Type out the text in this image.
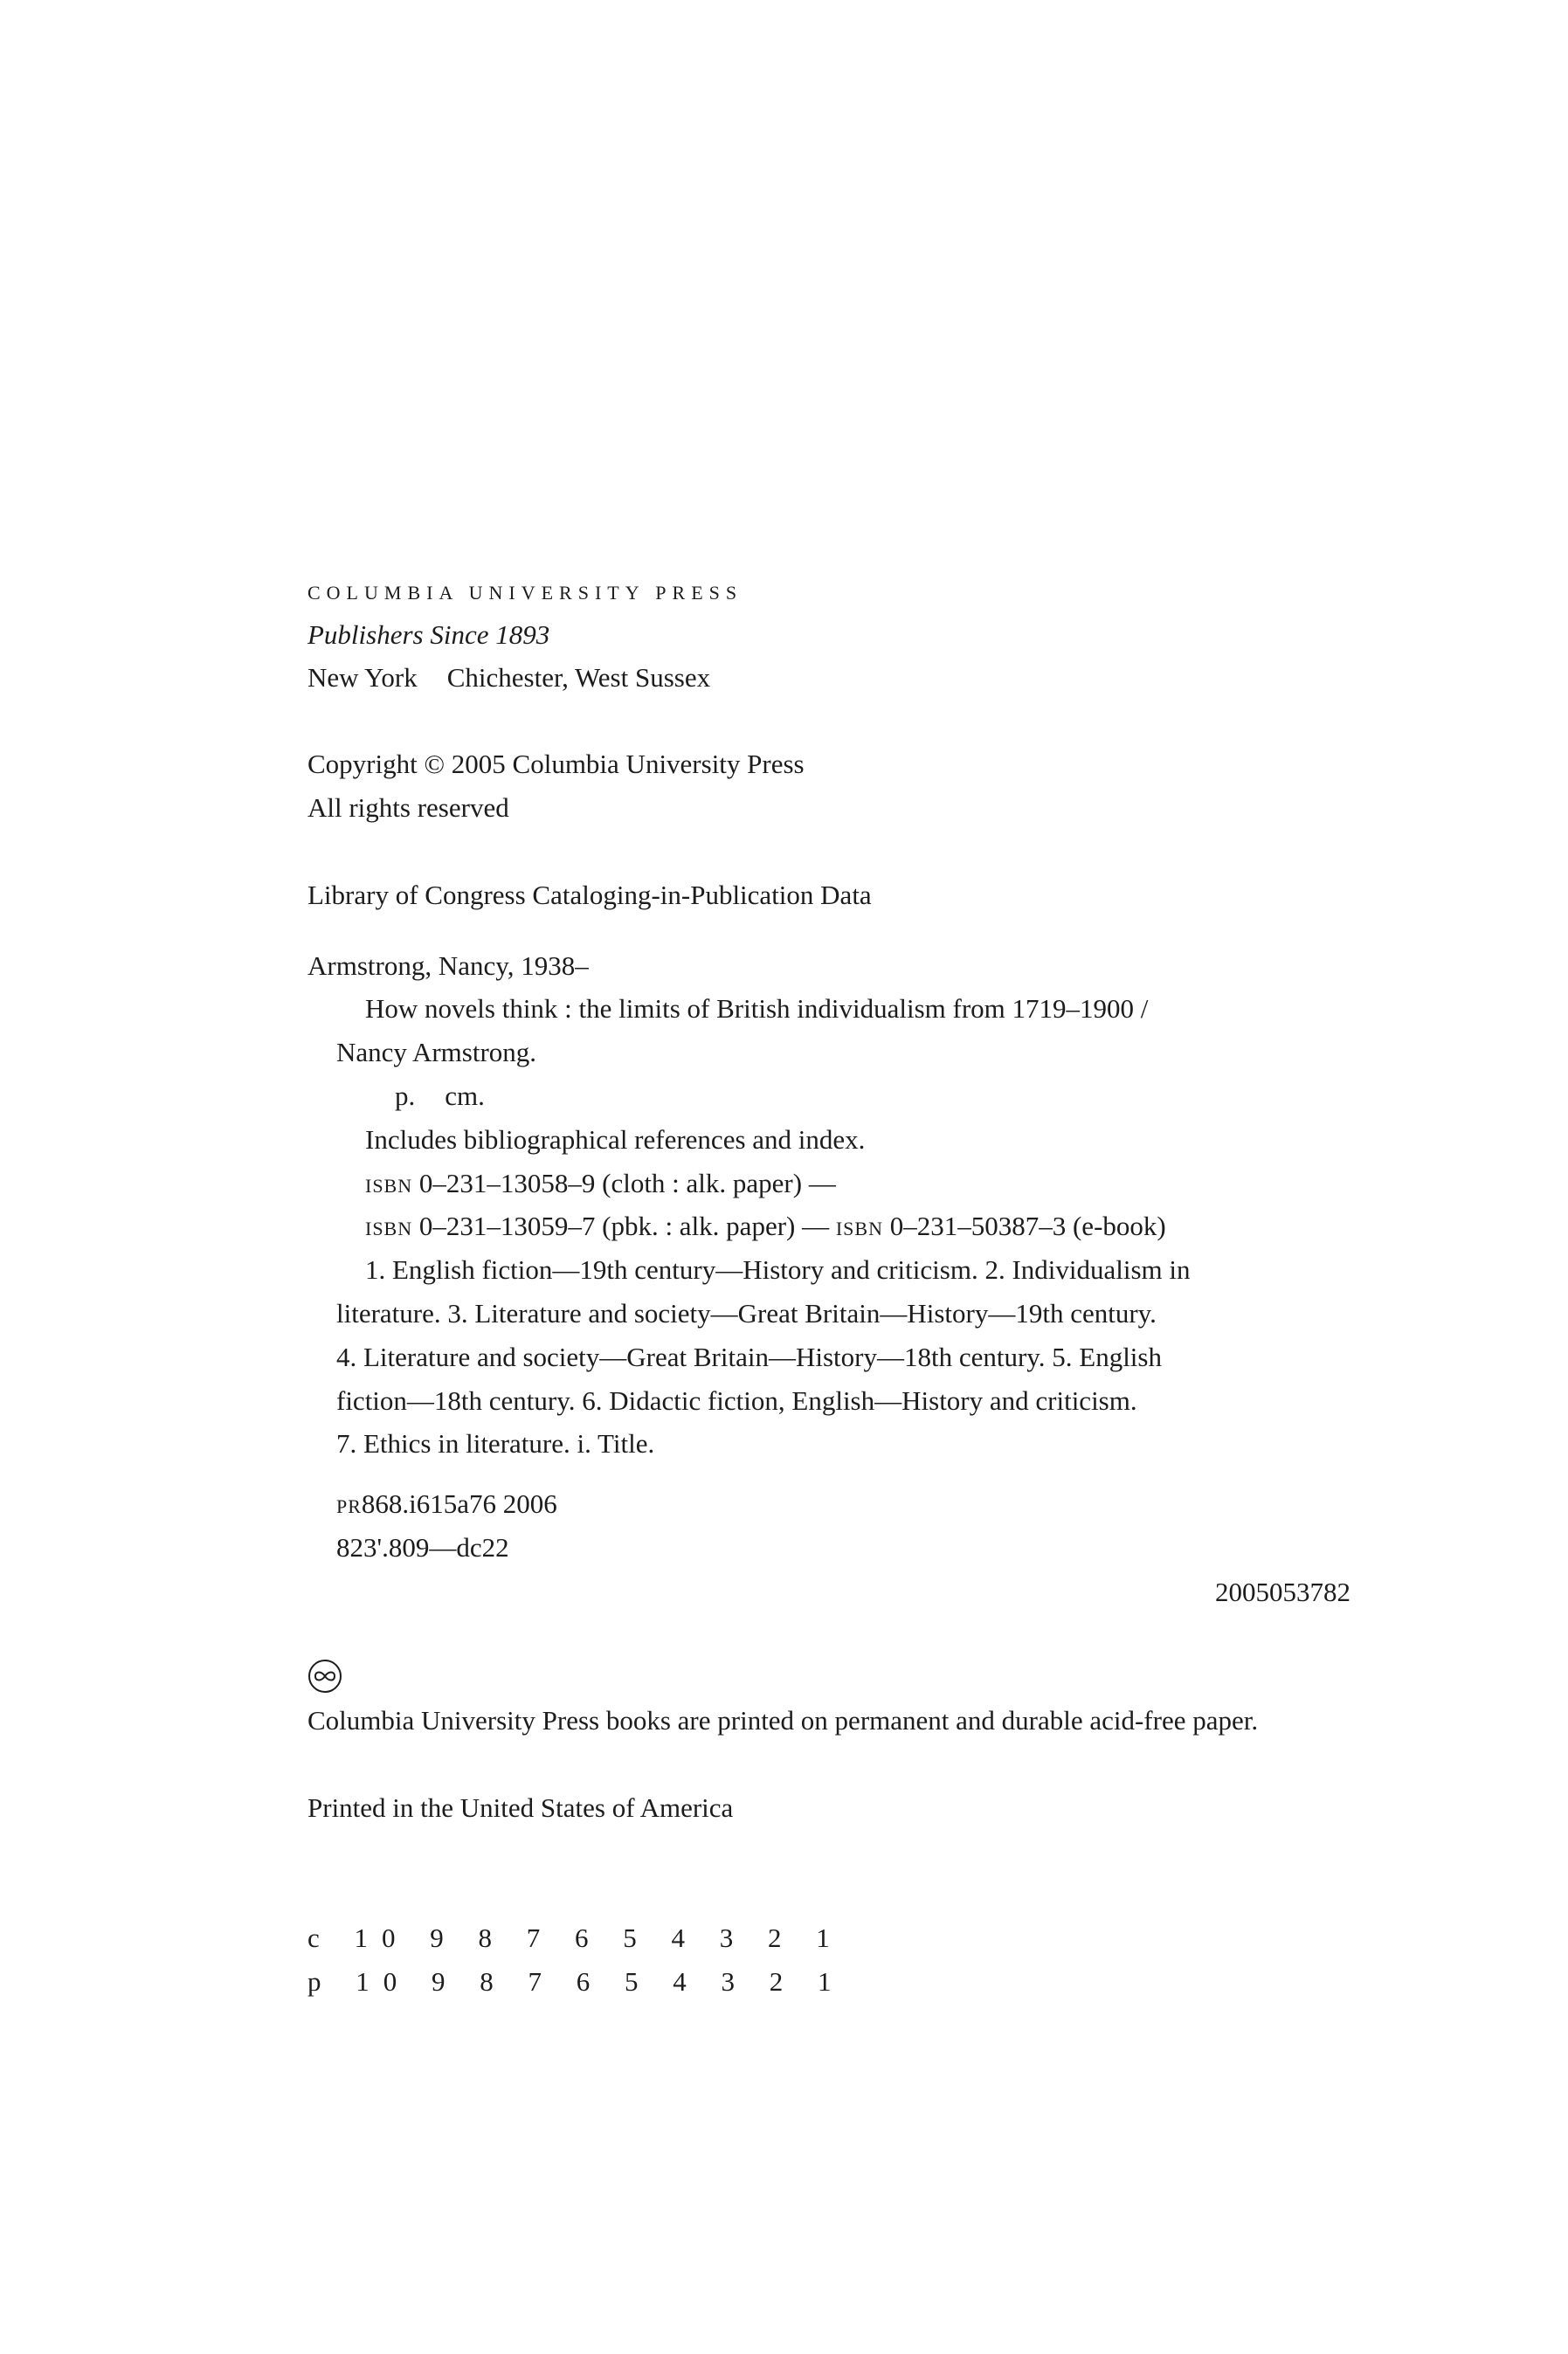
COLUMBIA UNIVERSITY PRESS
Publishers Since 1893
New York Chichester, West Sussex
Copyright © 2005 Columbia University Press
All rights reserved
Library of Congress Cataloging-in-Publication Data
Armstrong, Nancy, 1938–
How novels think : the limits of British individualism from 1719–1900 /
Nancy Armstrong.
p. cm.
Includes bibliographical references and index.
ISBN 0–231–13058–9 (cloth : alk. paper) —
ISBN 0–231–13059–7 (pbk. : alk. paper) — ISBN 0–231–50387–3 (e-book)
1. English fiction—19th century—History and criticism. 2. Individualism in
literature. 3. Literature and society—Great Britain—History—19th century.
4. Literature and society—Great Britain—History—18th century. 5. English
fiction—18th century. 6. Didactic fiction, English—History and criticism.
7. Ethics in literature. i. Title.
PR868.i615a76 2006
823'.809—dc22
2005053782
Columbia University Press books are printed on permanent and durable acid-free paper.
Printed in the United States of America
c 10 9 8 7 6 5 4 3 2 1
p 10 9 8 7 6 5 4 3 2 1
